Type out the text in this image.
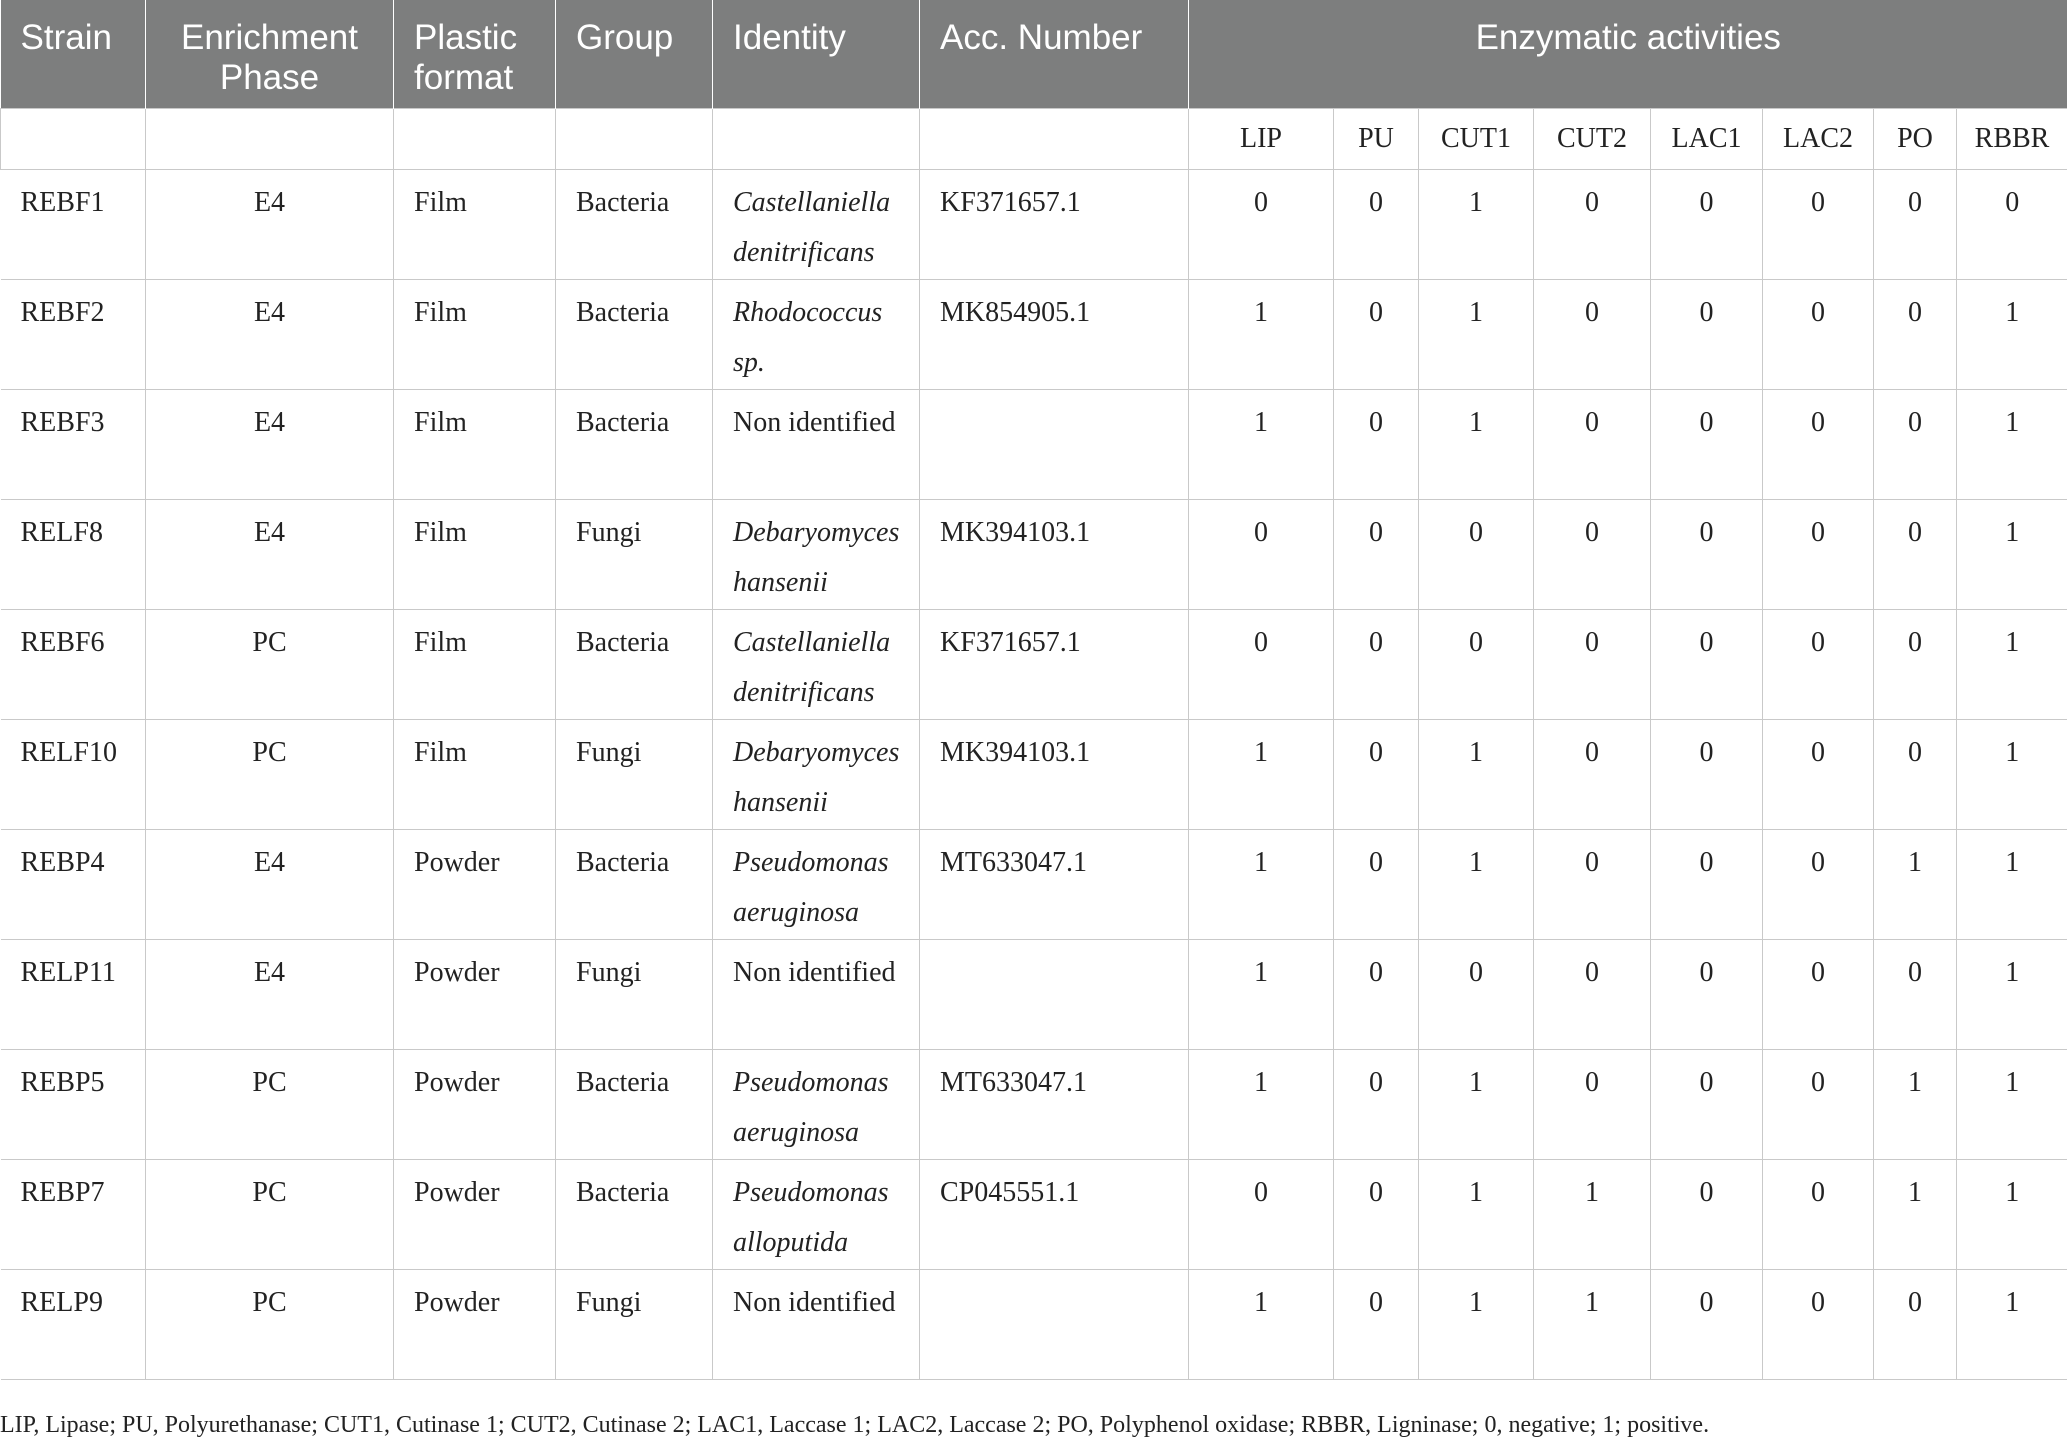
Strain	Enrichment Phase	Plastic format	Group	Identity	Acc. Number	Enzymatic activities							
						LIP	PU	CUT1	CUT2	LAC1	LAC2	PO	RBBR
REBF1	E4	Film	Bacteria	Castellaniella denitrificans	KF371657.1	0	0	1	0	0	0	0	0
REBF2	E4	Film	Bacteria	Rhodococcus sp.	MK854905.1	1	0	1	0	0	0	0	1
REBF3	E4	Film	Bacteria	Non identified		1	0	1	0	0	0	0	1
RELF8	E4	Film	Fungi	Debaryomyces hansenii	MK394103.1	0	0	0	0	0	0	0	1
REBF6	PC	Film	Bacteria	Castellaniella denitrificans	KF371657.1	0	0	0	0	0	0	0	1
RELF10	PC	Film	Fungi	Debaryomyces hansenii	MK394103.1	1	0	1	0	0	0	0	1
REBP4	E4	Powder	Bacteria	Pseudomonas aeruginosa	MT633047.1	1	0	1	0	0	0	1	1
RELP11	E4	Powder	Fungi	Non identified		1	0	0	0	0	0	0	1
REBP5	PC	Powder	Bacteria	Pseudomonas aeruginosa	MT633047.1	1	0	1	0	0	0	1	1
REBP7	PC	Powder	Bacteria	Pseudomonas alloputida	CP045551.1	0	0	1	1	0	0	1	1
RELP9	PC	Powder	Fungi	Non identified		1	0	1	1	0	0	0	1
LIP, Lipase; PU, Polyurethanase; CUT1, Cutinase 1; CUT2, Cutinase 2; LAC1, Laccase 1; LAC2, Laccase 2; PO, Polyphenol oxidase; RBBR, Ligninase; 0, negative; 1; positive.
